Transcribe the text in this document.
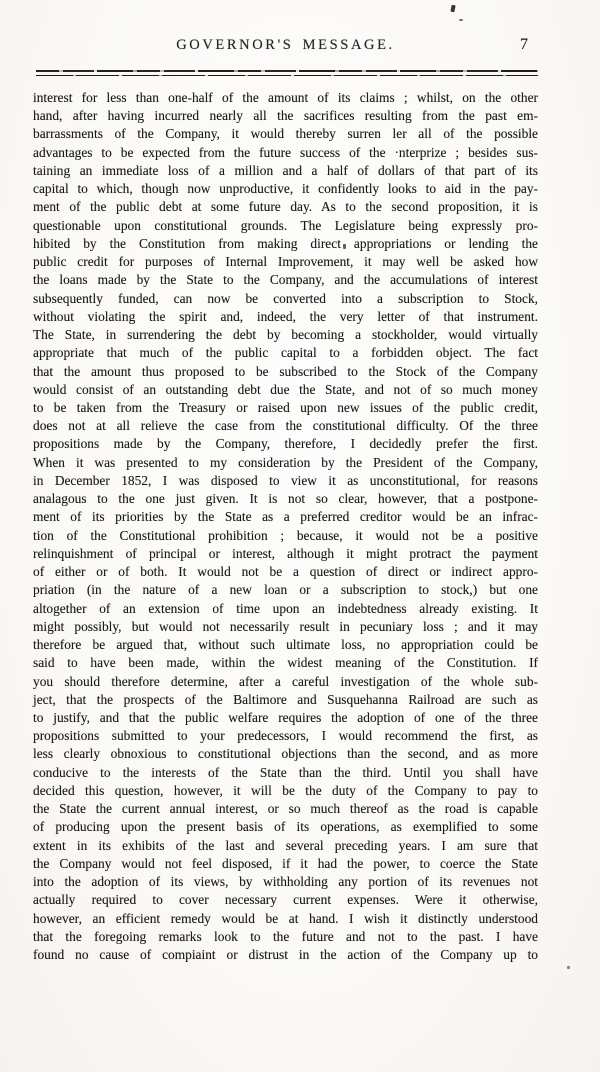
GOVERNOR'S MESSAGE.	7
interest for less than one-half of the amount of its claims ; whilst, on the other
hand, after having incurred nearly all the sacrifices resulting from the past em-
barrassments of the Company, it would thereby surren ler all of the possible
advantages to be expected from the future success of the ·nterprize ; besides sus-
taining an immediate loss of a million and a half of dollars of that part of its
capital to which, though now unproductive, it confidently looks to aid in the pay-
ment of the public debt at some future day. As to the second proposition, it is
questionable upon constitutional grounds. The Legislature being expressly pro-
hibited by the Constitution from making direct appropriations or lending the
public credit for purposes of Internal Improvement, it may well be asked how
the loans made by the State to the Company, and the accumulations of interest
subsequently funded, can now be converted into a subscription to Stock,
without violating the spirit and, indeed, the very letter of that instrument.
The State, in surrendering the debt by becoming a stockholder, would virtually
appropriate that much of the public capital to a forbidden object. The fact
that the amount thus proposed to be subscribed to the Stock of the Company
would consist of an outstanding debt due the State, and not of so much money
to be taken from the Treasury or raised upon new issues of the public credit,
does not at all relieve the case from the constitutional difficulty. Of the three
propositions made by the Company, therefore, I decidedly prefer the first.
When it was presented to my consideration by the President of the Company,
in December 1852, I was disposed to view it as unconstitutional, for reasons
analagous to the one just given. It is not so clear, however, that a postpone-
ment of its priorities by the State as a preferred creditor would be an infrac-
tion of the Constitutional prohibition ; because, it would not be a positive
relinquishment of principal or interest, although it might protract the payment
of either or of both. It would not be a question of direct or indirect appro-
priation (in the nature of a new loan or a subscription to stock,) but one
altogether of an extension of time upon an indebtedness already existing. It
might possibly, but would not necessarily result in pecuniary loss ; and it may
therefore be argued that, without such ultimate loss, no appropriation could be
said to have been made, within the widest meaning of the Constitution. If
you should therefore determine, after a careful investigation of the whole sub-
ject, that the prospects of the Baltimore and Susquehanna Railroad are such as
to justify, and that the public welfare requires the adoption of one of the three
propositions submitted to your predecessors, I would recommend the first, as
less clearly obnoxious to constitutional objections than the second, and as more
conducive to the interests of the State than the third. Until you shall have
decided this question, however, it will be the duty of the Company to pay to
the State the current annual interest, or so much thereof as the road is capable
of producing upon the present basis of its operations, as exemplified to some
extent in its exhibits of the last and several preceding years. I am sure that
the Company would not feel disposed, if it had the power, to coerce the State
into the adoption of its views, by withholding any portion of its revenues not
actually required to cover necessary current expenses. Were it otherwise,
however, an efficient remedy would be at hand. I wish it distinctly understood
that the foregoing remarks look to the future and not to the past. I have
found no cause of compiaint or distrust in the action of the Company up to
